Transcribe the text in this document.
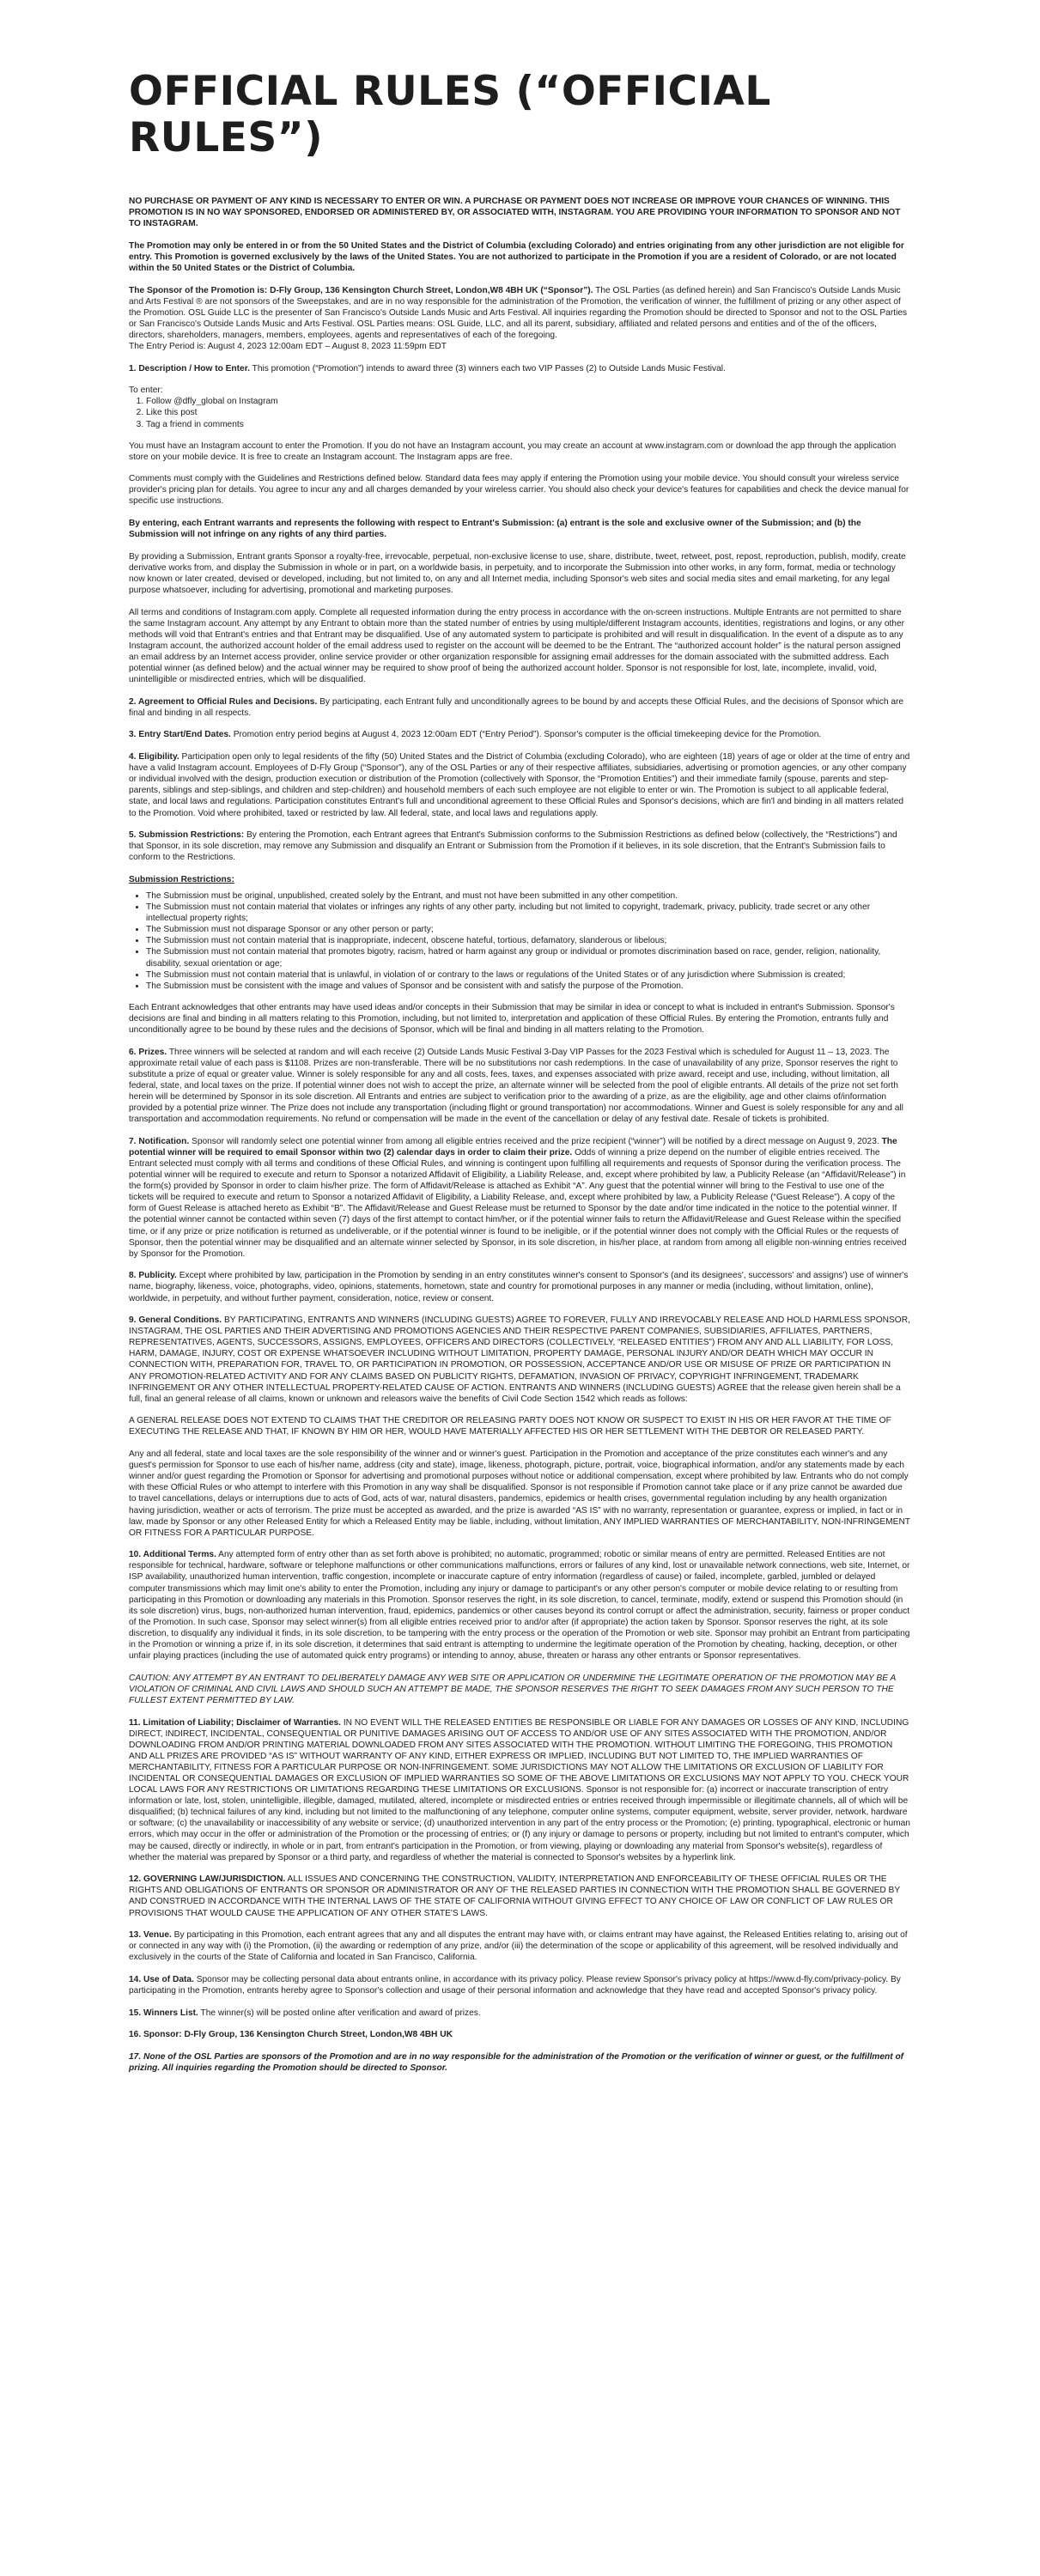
OFFICIAL RULES (“OFFICIAL RULES”)

NO PURCHASE OR PAYMENT OF ANY KIND IS NECESSARY TO ENTER OR WIN. A PURCHASE OR PAYMENT DOES NOT INCREASE OR IMPROVE YOUR CHANCES OF WINNING. THIS PROMOTION IS IN NO WAY SPONSORED, ENDORSED OR ADMINISTERED BY, OR ASSOCIATED WITH, INSTAGRAM. YOU ARE PROVIDING YOUR INFORMATION TO SPONSOR AND NOT TO INSTAGRAM.

The Promotion may only be entered in or from the 50 United States and the District of Columbia (excluding Colorado) and entries originating from any other jurisdiction are not eligible for entry. This Promotion is governed exclusively by the laws of the United States. You are not authorized to participate in the Promotion if you are a resident of Colorado, or are not located within the 50 United States or the District of Columbia.

The Sponsor of the Promotion is: D-Fly Group, 136 Kensington Church Street, London,W8 4BH UK (“Sponsor”). The OSL Parties (as defined herein) and San Francisco's Outside Lands Music and Arts Festival ® are not sponsors of the Sweepstakes, and are in no way responsible for the administration of the Promotion, the verification of winner, the fulfillment of prizing or any other aspect of the Promotion. OSL Guide LLC is the presenter of San Francisco's Outside Lands Music and Arts Festival. All inquiries regarding the Promotion should be directed to Sponsor and not to the OSL Parties or San Francisco's Outside Lands Music and Arts Festival. OSL Parties means: OSL Guide, LLC, and all its parent, subsidiary, affiliated and related persons and entities and of the of the officers, directors, shareholders, managers, members, employees, agents and representatives of each of the foregoing.
The Entry Period is: August 4, 2023 12:00am EDT – August 8, 2023 11:59pm EDT

1. Description / How to Enter. This promotion (“Promotion”) intends to award three (3) winners each two VIP Passes (2) to Outside Lands Music Festival.

To enter:

1. Follow @dfly_global on Instagram
2. Like this post
3. Tag a friend in comments

You must have an Instagram account to enter the Promotion. If you do not have an Instagram account, you may create an account at www.instagram.com or download the app through the application store on your mobile device. It is free to create an Instagram account. The Instagram apps are free.

Comments must comply with the Guidelines and Restrictions defined below. Standard data fees may apply if entering the Promotion using your mobile device. You should consult your wireless service provider's pricing plan for details. You agree to incur any and all charges demanded by your wireless carrier. You should also check your device's features for capabilities and check the device manual for specific use instructions.

By entering, each Entrant warrants and represents the following with respect to Entrant's Submission: (a) entrant is the sole and exclusive owner of the Submission; and (b) the Submission will not infringe on any rights of any third parties.

By providing a Submission, Entrant grants Sponsor a royalty-free, irrevocable, perpetual, non-exclusive license to use, share, distribute, tweet, retweet, post, repost, reproduction, publish, modify, create derivative works from, and display the Submission in whole or in part, on a worldwide basis, in perpetuity, and to incorporate the Submission into other works, in any form, format, media or technology now known or later created, devised or developed, including, but not limited to, on any and all Internet media, including Sponsor's web sites and social media sites and email marketing, for any legal purpose whatsoever, including for advertising, promotional and marketing purposes.

All terms and conditions of Instagram.com apply. Complete all requested information during the entry process in accordance with the on-screen instructions. Multiple Entrants are not permitted to share the same Instagram account. Any attempt by any Entrant to obtain more than the stated number of entries by using multiple/different Instagram accounts, identities, registrations and logins, or any other methods will void that Entrant's entries and that Entrant may be disqualified. Use of any automated system to participate is prohibited and will result in disqualification. In the event of a dispute as to any Instagram account, the authorized account holder of the email address used to register on the account will be deemed to be the Entrant. The “authorized account holder” is the natural person assigned an email address by an Internet access provider, online service provider or other organization responsible for assigning email addresses for the domain associated with the submitted address. Each potential winner (as defined below) and the actual winner may be required to show proof of being the authorized account holder. Sponsor is not responsible for lost, late, incomplete, invalid, void, unintelligible or misdirected entries, which will be disqualified.

2. Agreement to Official Rules and Decisions. By participating, each Entrant fully and unconditionally agrees to be bound by and accepts these Official Rules, and the decisions of Sponsor which are final and binding in all respects.

3. Entry Start/End Dates. Promotion entry period begins at August 4, 2023 12:00am EDT (“Entry Period”). Sponsor's computer is the official timekeeping device for the Promotion.

4. Eligibility. Participation open only to legal residents of the fifty (50) United States and the District of Columbia (excluding Colorado), who are eighteen (18) years of age or older at the time of entry and have a valid Instagram account. Employees of D-Fly Group (“Sponsor”), any of the OSL Parties or any of their respective affiliates, subsidiaries, advertising or promotion agencies, or any other company or individual involved with the design, production execution or distribution of the Promotion (collectively with Sponsor, the “Promotion Entities”) and their immediate family (spouse, parents and step-parents, siblings and step-siblings, and children and step-children) and household members of each such employee are not eligible to enter or win. The Promotion is subject to all applicable federal, state, and local laws and regulations. Participation constitutes Entrant's full and unconditional agreement to these Official Rules and Sponsor's decisions, which are fin'l and binding in all matters related to the Promotion. Void where prohibited, taxed or restricted by law. All federal, state, and local laws and regulations apply.

5. Submission Restrictions: By entering the Promotion, each Entrant agrees that Entrant's Submission conforms to the Submission Restrictions as defined below (collectively, the “Restrictions”) and that Sponsor, in its sole discretion, may remove any Submission and disqualify an Entrant or Submission from the Promotion if it believes, in its sole discretion, that the Entrant's Submission fails to conform to the Restrictions.

Submission Restrictions:

• The Submission must be original, unpublished, created solely by the Entrant, and must not have been submitted in any other competition.
• The Submission must not contain material that violates or infringes any rights of any other party, including but not limited to copyright, trademark, privacy, publicity, trade secret or any other intellectual property rights;
• The Submission must not disparage Sponsor or any other person or party;
• The Submission must not contain material that is inappropriate, indecent, obscene hateful, tortious, defamatory, slanderous or libelous;
• The Submission must not contain material that promotes bigotry, racism, hatred or harm against any group or individual or promotes discrimination based on race, gender, religion, nationality, disability, sexual orientation or age;
• The Submission must not contain material that is unlawful, in violation of or contrary to the laws or regulations of the United States or of any jurisdiction where Submission is created;
• The Submission must be consistent with the image and values of Sponsor and be consistent with and satisfy the purpose of the Promotion.

Each Entrant acknowledges that other entrants may have used ideas and/or concepts in their Submission that may be similar in idea or concept to what is included in entrant's Submission. Sponsor's decisions are final and binding in all matters relating to this Promotion, including, but not limited to, interpretation and application of these Official Rules. By entering the Promotion, entrants fully and unconditionally agree to be bound by these rules and the decisions of Sponsor, which will be final and binding in all matters relating to the Promotion.

6. Prizes. Three winners will be selected at random and will each receive (2) Outside Lands Music Festival 3-Day VIP Passes for the 2023 Festival which is scheduled for August 11 – 13, 2023. The approximate retail value of each pass is $1108. Prizes are non-transferable. There will be no substitutions nor cash redemptions. In the case of unavailability of any prize, Sponsor reserves the right to substitute a prize of equal or greater value. Winner is solely responsible for any and all costs, fees, taxes, and expenses associated with prize award, receipt and use, including, without limitation, all federal, state, and local taxes on the prize. If potential winner does not wish to accept the prize, an alternate winner will be selected from the pool of eligible entrants. All details of the prize not set forth herein will be determined by Sponsor in its sole discretion. All Entrants and entries are subject to verification prior to the awarding of a prize, as are the eligibility, age and other claims of/information provided by a potential prize winner. The Prize does not include any transportation (including flight or ground transportation) nor accommodations. Winner and Guest is solely responsible for any and all transportation and accommodation requirements. No refund or compensation will be made in the event of the cancellation or delay of any festival date. Resale of tickets is prohibited.

7. Notification. Sponsor will randomly select one potential winner from among all eligible entries received and the prize recipient (“winner”) will be notified by a direct message on August 9, 2023. The potential winner will be required to email Sponsor within two (2) calendar days in order to claim their prize. Odds of winning a prize depend on the number of eligible entries received. The Entrant selected must comply with all terms and conditions of these Official Rules, and winning is contingent upon fulfilling all requirements and requests of Sponsor during the verification process. The potential winner will be required to execute and return to Sponsor a notarized Affidavit of Eligibility, a Liability Release, and, except where prohibited by law, a Publicity Release (an “Affidavit/Release”) in the form(s) provided by Sponsor in order to claim his/her prize. The form of Affidavit/Release is attached as Exhibit “A”. Any guest that the potential winner will bring to the Festival to use one of the tickets will be required to execute and return to Sponsor a notarized Affidavit of Eligibility, a Liability Release, and, except where prohibited by law, a Publicity Release (“Guest Release”). A copy of the form of Guest Release is attached hereto as Exhibit “B”. The Affidavit/Release and Guest Release must be returned to Sponsor by the date and/or time indicated in the notice to the potential winner. If the potential winner cannot be contacted within seven (7) days of the first attempt to contact him/her, or if the potential winner fails to return the Affidavit/Release and Guest Release within the specified time, or if any prize or prize notification is returned as undeliverable, or if the potential winner is found to be ineligible, or if the potential winner does not comply with the Official Rules or the requests of Sponsor, then the potential winner may be disqualified and an alternate winner selected by Sponsor, in its sole discretion, in his/her place, at random from among all eligible non-winning entries received by Sponsor for the Promotion.

8. Publicity. Except where prohibited by law, participation in the Promotion by sending in an entry constitutes winner's consent to Sponsor's (and its designees', successors' and assigns') use of winner's name, biography, likeness, voice, photographs, video, opinions, statements, hometown, state and country for promotional purposes in any manner or media (including, without limitation, online), worldwide, in perpetuity, and without further payment, consideration, notice, review or consent.

9. General Conditions. BY PARTICIPATING, ENTRANTS AND WINNERS (INCLUDING GUESTS) AGREE TO FOREVER, FULLY AND IRREVOCABLY RELEASE AND HOLD HARMLESS SPONSOR, INSTAGRAM, THE OSL PARTIES AND THEIR ADVERTISING AND PROMOTIONS AGENCIES AND THEIR RESPECTIVE PARENT COMPANIES, SUBSIDIARIES, AFFILIATES, PARTNERS, REPRESENTATIVES, AGENTS, SUCCESSORS, ASSIGNS, EMPLOYEES, OFFICERS AND DIRECTORS (COLLECTIVELY, “RELEASED ENTITIES”) FROM ANY AND ALL LIABILITY, FOR LOSS, HARM, DAMAGE, INJURY, COST OR EXPENSE WHATSOEVER INCLUDING WITHOUT LIMITATION, PROPERTY DAMAGE, PERSONAL INJURY AND/OR DEATH WHICH MAY OCCUR IN CONNECTION WITH, PREPARATION FOR, TRAVEL TO, OR PARTICIPATION IN PROMOTION, OR POSSESSION, ACCEPTANCE AND/OR USE OR MISUSE OF PRIZE OR PARTICIPATION IN ANY PROMOTION-RELATED ACTIVITY AND FOR ANY CLAIMS BASED ON PUBLICITY RIGHTS, DEFAMATION, INVASION OF PRIVACY, COPYRIGHT INFRINGEMENT, TRADEMARK INFRINGEMENT OR ANY OTHER INTELLECTUAL PROPERTY-RELATED CAUSE OF ACTION. ENTRANTS AND WINNERS (INCLUDING GUESTS) AGREE that the release given herein shall be a full, final an general release of all claims, known or unknown and releasors waive the benefits of Civil Code Section 1542 which reads as follows:

A GENERAL RELEASE DOES NOT EXTEND TO CLAIMS THAT THE CREDITOR OR RELEASING PARTY DOES NOT KNOW OR SUSPECT TO EXIST IN HIS OR HER FAVOR AT THE TIME OF EXECUTING THE RELEASE AND THAT, IF KNOWN BY HIM OR HER, WOULD HAVE MATERIALLY AFFECTED HIS OR HER SETTLEMENT WITH THE DEBTOR OR RELEASED PARTY.

Any and all federal, state and local taxes are the sole responsibility of the winner and or winner's guest. Participation in the Promotion and acceptance of the prize constitutes each winner's and any guest's permission for Sponsor to use each of his/her name, address (city and state), image, likeness, photograph, picture, portrait, voice, biographical information, and/or any statements made by each winner and/or guest regarding the Promotion or Sponsor for advertising and promotional purposes without notice or additional compensation, except where prohibited by law. Entrants who do not comply with these Official Rules or who attempt to interfere with this Promotion in any way shall be disqualified. Sponsor is not responsible if Promotion cannot take place or if any prize cannot be awarded due to travel cancellations, delays or interruptions due to acts of God, acts of war, natural disasters, pandemics, epidemics or health crises, governmental regulation including by any health organization having jurisdiction, weather or acts of terrorism. The prize must be accepted as awarded, and the prize is awarded “AS IS” with no warranty, representation or guarantee, express or implied, in fact or in law, made by Sponsor or any other Released Entity for which a Released Entity may be liable, including, without limitation, ANY IMPLIED WARRANTIES OF MERCHANTABILITY, NON-INFRINGEMENT OR FITNESS FOR A PARTICULAR PURPOSE.

10. Additional Terms. Any attempted form of entry other than as set forth above is prohibited; no automatic, programmed; robotic or similar means of entry are permitted. Released Entities are not responsible for technical, hardware, software or telephone malfunctions or other communications malfunctions, errors or failures of any kind, lost or unavailable network connections, web site, Internet, or ISP availability, unauthorized human intervention, traffic congestion, incomplete or inaccurate capture of entry information (regardless of cause) or failed, incomplete, garbled, jumbled or delayed computer transmissions which may limit one's ability to enter the Promotion, including any injury or damage to participant's or any other person's computer or mobile device relating to or resulting from participating in this Promotion or downloading any materials in this Promotion. Sponsor reserves the right, in its sole discretion, to cancel, terminate, modify, extend or suspend this Promotion should (in its sole discretion) virus, bugs, non-authorized human intervention, fraud, epidemics, pandemics or other causes beyond its control corrupt or affect the administration, security, fairness or proper conduct of the Promotion. In such case, Sponsor may select winner(s) from all eligible entries received prior to and/or after (if appropriate) the action taken by Sponsor. Sponsor reserves the right, at its sole discretion, to disqualify any individual it finds, in its sole discretion, to be tampering with the entry process or the operation of the Promotion or web site. Sponsor may prohibit an Entrant from participating in the Promotion or winning a prize if, in its sole discretion, it determines that said entrant is attempting to undermine the legitimate operation of the Promotion by cheating, hacking, deception, or other unfair playing practices (including the use of automated quick entry programs) or intending to annoy, abuse, threaten or harass any other entrants or Sponsor representatives.

CAUTION: ANY ATTEMPT BY AN ENTRANT TO DELIBERATELY DAMAGE ANY WEB SITE OR APPLICATION OR UNDERMINE THE LEGITIMATE OPERATION OF THE PROMOTION MAY BE A VIOLATION OF CRIMINAL AND CIVIL LAWS AND SHOULD SUCH AN ATTEMPT BE MADE, THE SPONSOR RESERVES THE RIGHT TO SEEK DAMAGES FROM ANY SUCH PERSON TO THE FULLEST EXTENT PERMITTED BY LAW.

11. Limitation of Liability; Disclaimer of Warranties. IN NO EVENT WILL THE RELEASED ENTITIES BE RESPONSIBLE OR LIABLE FOR ANY DAMAGES OR LOSSES OF ANY KIND, INCLUDING DIRECT, INDIRECT, INCIDENTAL, CONSEQUENTIAL OR PUNITIVE DAMAGES ARISING OUT OF ACCESS TO AND/OR USE OF ANY SITES ASSOCIATED WITH THE PROMOTION, AND/OR DOWNLOADING FROM AND/OR PRINTING MATERIAL DOWNLOADED FROM ANY SITES ASSOCIATED WITH THE PROMOTION. WITHOUT LIMITING THE FOREGOING, THIS PROMOTION AND ALL PRIZES ARE PROVIDED “AS IS” WITHOUT WARRANTY OF ANY KIND, EITHER EXPRESS OR IMPLIED, INCLUDING BUT NOT LIMITED TO, THE IMPLIED WARRANTIES OF MERCHANTABILITY, FITNESS FOR A PARTICULAR PURPOSE OR NON-INFRINGEMENT. SOME JURISDICTIONS MAY NOT ALLOW THE LIMITATIONS OR EXCLUSION OF LIABILITY FOR INCIDENTAL OR CONSEQUENTIAL DAMAGES OR EXCLUSION OF IMPLIED WARRANTIES SO SOME OF THE ABOVE LIMITATIONS OR EXCLUSIONS MAY NOT APPLY TO YOU. CHECK YOUR LOCAL LAWS FOR ANY RESTRICTIONS OR LIMITATIONS REGARDING THESE LIMITATIONS OR EXCLUSIONS. Sponsor is not responsible for: (a) incorrect or inaccurate transcription of entry information or late, lost, stolen, unintelligible, illegible, damaged, mutilated, altered, incomplete or misdirected entries or entries received through impermissible or illegitimate channels, all of which will be disqualified; (b) technical failures of any kind, including but not limited to the malfunctioning of any telephone, computer online systems, computer equipment, website, server provider, network, hardware or software; (c) the unavailability or inaccessibility of any website or service; (d) unauthorized intervention in any part of the entry process or the Promotion; (e) printing, typographical, electronic or human errors, which may occur in the offer or administration of the Promotion or the processing of entries; or (f) any injury or damage to persons or property, including but not limited to entrant's computer, which may be caused, directly or indirectly, in whole or in part, from entrant's participation in the Promotion, or from viewing, playing or downloading any material from Sponsor's website(s), regardless of whether the material was prepared by Sponsor or a third party, and regardless of whether the material is connected to Sponsor's websites by a hyperlink link.

12. GOVERNING LAW/JURISDICTION. ALL ISSUES AND CONCERNING THE CONSTRUCTION, VALIDITY, INTERPRETATION AND ENFORCEABILITY OF THESE OFFICIAL RULES OR THE RIGHTS AND OBLIGATIONS OF ENTRANTS OR SPONSOR OR ADMINISTRATOR OR ANY OF THE RELEASED PARTIES IN CONNECTION WITH THE PROMOTION SHALL BE GOVERNED BY AND CONSTRUED IN ACCORDANCE WITH THE INTERNAL LAWS OF THE STATE OF CALIFORNIA WITHOUT GIVING EFFECT TO ANY CHOICE OF LAW OR CONFLICT OF LAW RULES OR PROVISIONS THAT WOULD CAUSE THE APPLICATION OF ANY OTHER STATE'S LAWS.

13. Venue. By participating in this Promotion, each entrant agrees that any and all disputes the entrant may have with, or claims entrant may have against, the Released Entities relating to, arising out of or connected in any way with (i) the Promotion, (ii) the awarding or redemption of any prize, and/or (iii) the determination of the scope or applicability of this agreement, will be resolved individually and exclusively in the courts of the State of California and located in San Francisco, California.

14. Use of Data. Sponsor may be collecting personal data about entrants online, in accordance with its privacy policy. Please review Sponsor's privacy policy at https://www.d-fly.com/privacy-policy. By participating in the Promotion, entrants hereby agree to Sponsor's collection and usage of their personal information and acknowledge that they have read and accepted Sponsor's privacy policy.

15. Winners List. The winner(s) will be posted online after verification and award of prizes.

16. Sponsor: D-Fly Group, 136 Kensington Church Street, London,W8 4BH UK

17. None of the OSL Parties are sponsors of the Promotion and are in no way responsible for the administration of the Promotion or the verification of winner or guest, or the fulfillment of prizing. All inquiries regarding the Promotion should be directed to Sponsor.
